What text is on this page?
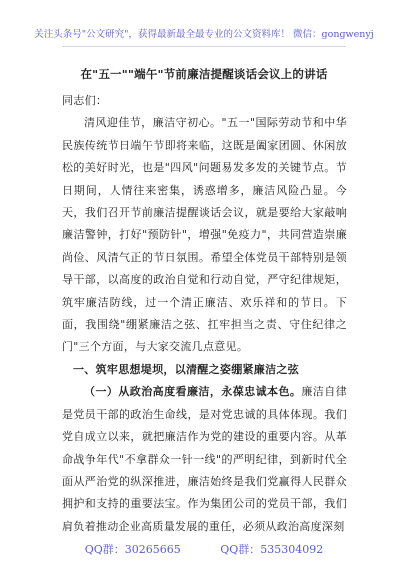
关注头条号"公文研究"，获得最新最全最专业的公文资料库！ 微信：gongwenyj
在"五一""端午"节前廉洁提醒谈话会议上的讲话

同志们：

清风迎佳节，廉洁守初心。"五一"国际劳动节和中华民族传统节日端午节即将来临，这既是阖家团圆、休闲放松的美好时光，也是"四风"问题易发多发的关键节点。节日期间，人情往来密集，诱惑增多，廉洁风险凸显。今天，我们召开节前廉洁提醒谈话会议，就是要给大家敲响廉洁警钟，打好"预防针"，增强"免疫力"，共同营造崇廉尚俭、风清气正的节日氛围。希望全体党员干部特别是领导干部，以高度的政治自觉和行动自觉，严守纪律规矩，筑牢廉洁防线，过一个清正廉洁、欢乐祥和的节日。下面，我围绕"绷紧廉洁之弦、扛牢担当之责、守住纪律之门"三个方面，与大家交流几点意见。

一、筑牢思想堤坝，以清醒之姿绷紧廉洁之弦

（一）从政治高度看廉洁，永葆忠诚本色。廉洁自律是党员干部的政治生命线，是对党忠诚的具体体现。我们党自成立以来，就把廉洁作为党的建设的重要内容。从革命战争年代"不拿群众一针一线"的严明纪律，到新时代全面从严治党的纵深推进，廉洁始终是我们党赢得人民群众拥护和支持的重要法宝。作为集团公司的党员干部，我们肩负着推动企业高质量发展的重任，必须从政治高度深刻

QQ群：30265665	QQ群：535304092
